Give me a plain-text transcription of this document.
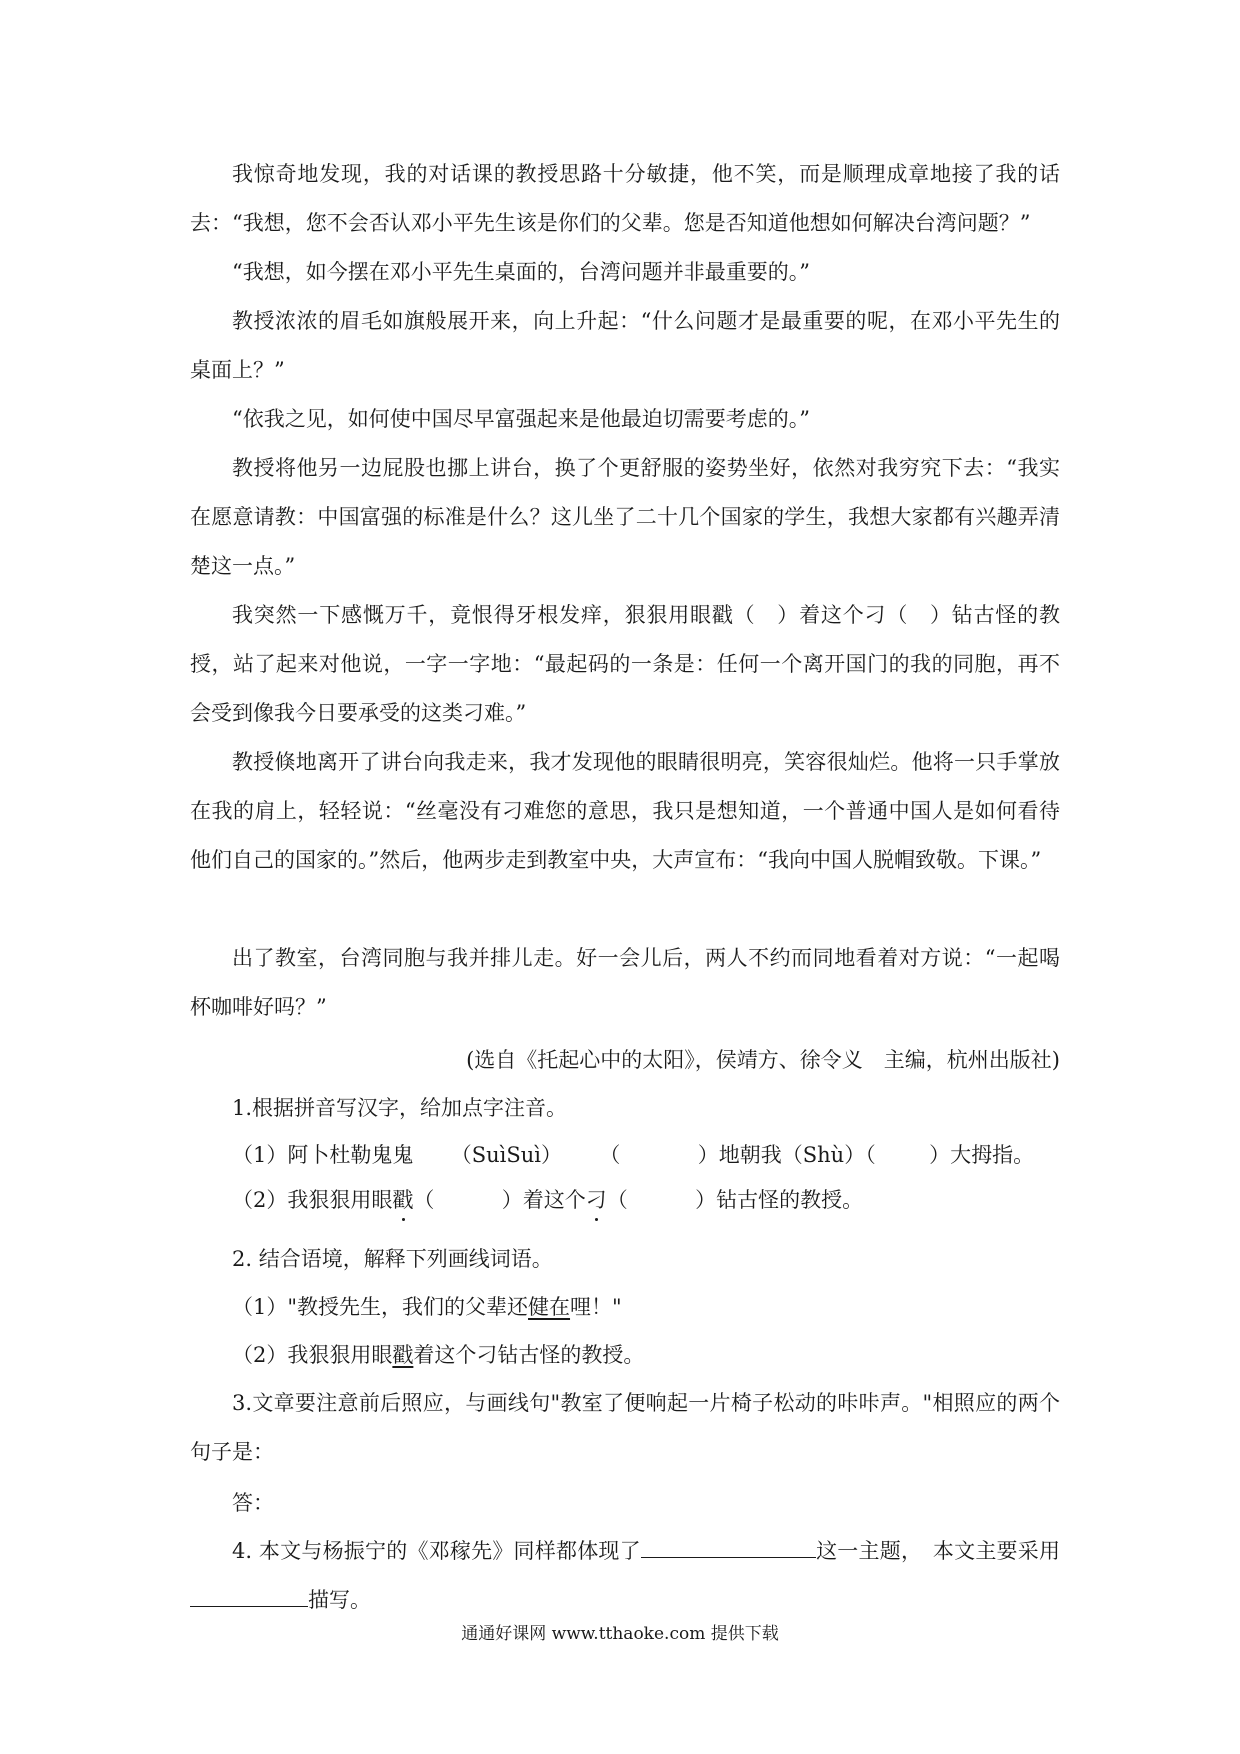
我惊奇地发现，我的对话课的教授思路十分敏捷，他不笑，而是顺理成章地接了我的话去：“我想，您不会否认邓小平先生该是你们的父辈。您是否知道他想如何解决台湾问题？”

“我想，如今摆在邓小平先生桌面的，台湾问题并非最重要的。”

教授浓浓的眉毛如旗般展开来，向上升起：“什么问题才是最重要的呢，在邓小平先生的桌面上？”

“依我之见，如何使中国尽早富强起来是他最迫切需要考虑的。”

教授将他另一边屁股也挪上讲台，换了个更舒服的姿势坐好，依然对我穷究下去：“我实在愿意请教：中国富强的标准是什么？这儿坐了二十几个国家的学生，我想大家都有兴趣弄清楚这一点。”

我突然一下感慨万千，竟恨得牙根发痒，狠狠用眼戳（　）着这个刁（　）钻古怪的教授，站了起来对他说，一字一字地：“最起码的一条是：任何一个离开国门的我的同胞，再不会受到像我今日要承受的这类刁难。”

教授倏地离开了讲台向我走来，我才发现他的眼睛很明亮，笑容很灿烂。他将一只手掌放在我的肩上，轻轻说：“丝毫没有刁难您的意思，我只是想知道，一个普通中国人是如何看待他们自己的国家的。”然后，他两步走到教室中央，大声宣布：“我向中国人脱帽致敬。下课。”

出了教室，台湾同胞与我并排儿走。好一会儿后，两人不约而同地看着对方说：“一起喝杯咖啡好吗？”

(选自《托起心中的太阳》，侯靖方、徐令义　主编，杭州出版社)
1.根据拼音写汉字，给加点字注音。
（1）阿卜杜勒鬼鬼 （SuìSuì） （	）地朝我（Shù）（	）大拇指。
（2）我狠狠用眼戳（	）着这个刁（	）钻古怪的教授。
2. 结合语境，解释下列画线词语。
（1）"教授先生，我们的父辈还健在哩！"
（2）我狠狠用眼戳着这个刁钻古怪的教授。

3.文章要注意前后照应，与画线句"教室了便响起一片椅子松动的咔咔声。"相照应的两个句子是：

答：
4. 本文与杨振宁的《邓稼先》同样都体现了	这一主题，　本文主要采用描写。
通通好课网 www.tthaoke.com 提供下载
